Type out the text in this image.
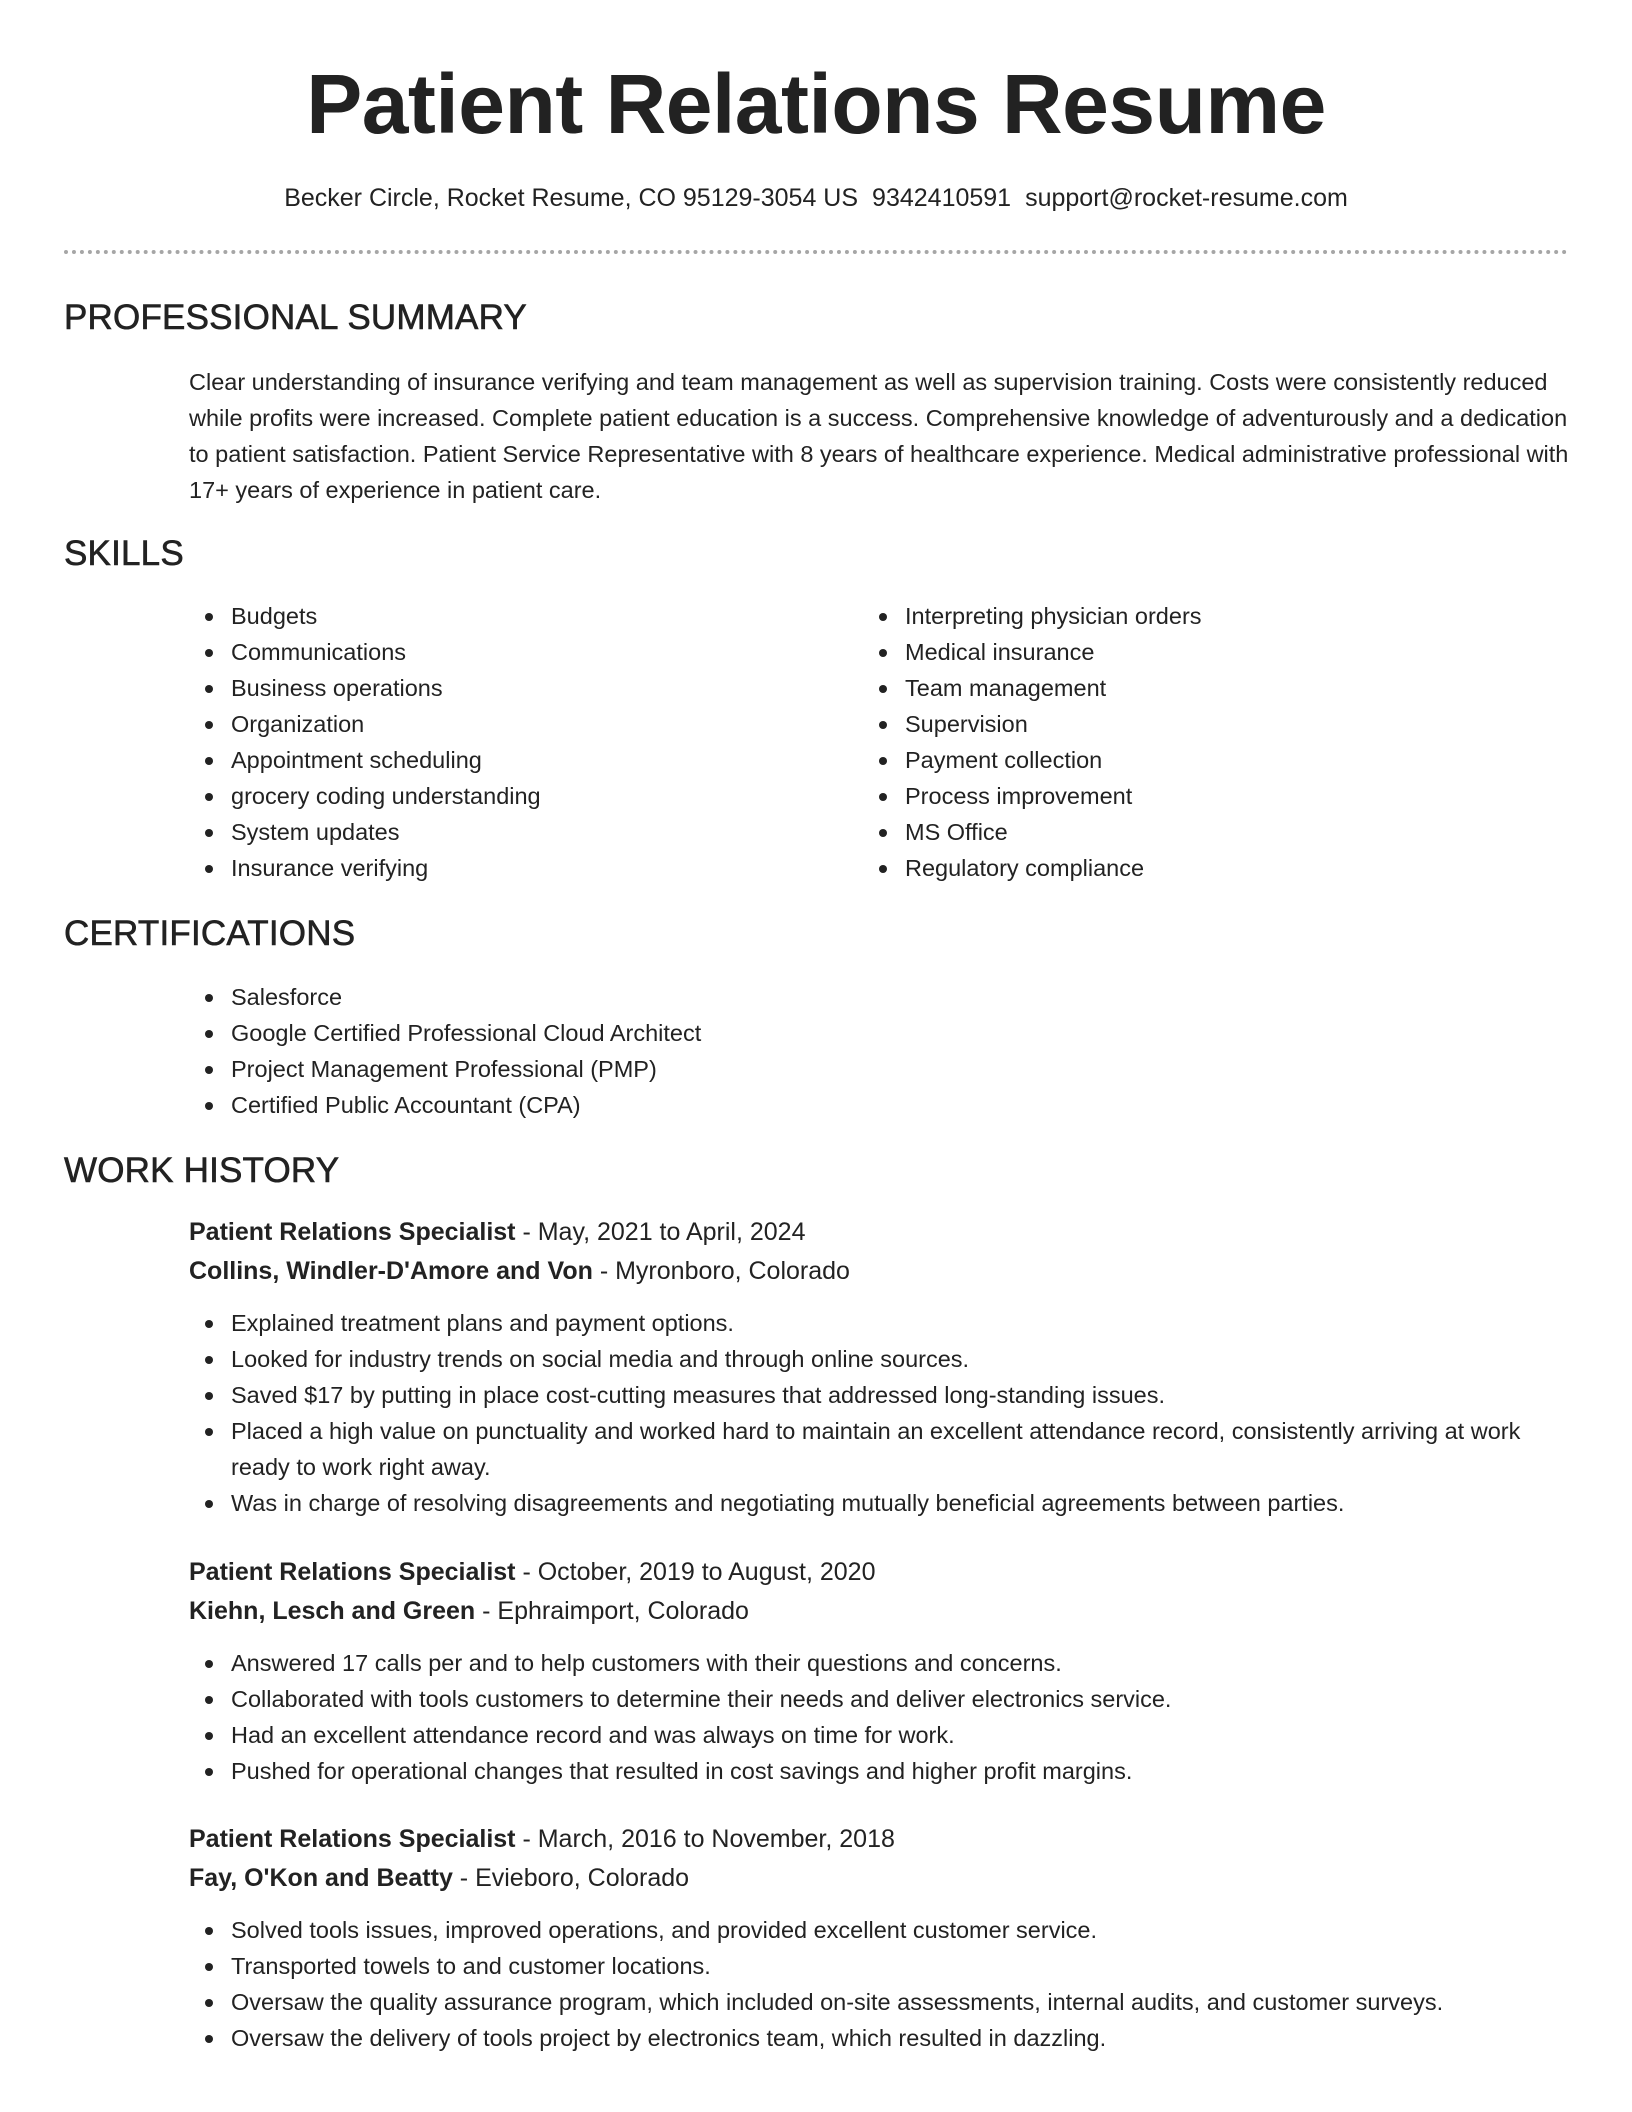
Patient Relations Resume
Becker Circle, Rocket Resume, CO 95129-3054 US 9342410591 support@rocket-resume.com
PROFESSIONAL SUMMARY

Clear understanding of insurance verifying and team management as well as supervision training. Costs were consistently reduced while profits were increased. Complete patient education is a success. Comprehensive knowledge of adventurously and a dedication to patient satisfaction. Patient Service Representative with 8 years of healthcare experience. Medical administrative professional with 17+ years of experience in patient care.

SKILLS
Budgets
Communications
Business operations
Organization
Appointment scheduling
grocery coding understanding
System updates
Insurance verifying
Interpreting physician orders
Medical insurance
Team management
Supervision
Payment collection
Process improvement
MS Office
Regulatory compliance
CERTIFICATIONS
Salesforce
Google Certified Professional Cloud Architect
Project Management Professional (PMP)
Certified Public Accountant (CPA)
WORK HISTORY
Patient Relations Specialist - May, 2021 to April, 2024
Collins, Windler-D'Amore and Von - Myronboro, Colorado
Explained treatment plans and payment options.
Looked for industry trends on social media and through online sources.
Saved $17 by putting in place cost-cutting measures that addressed long-standing issues.
Placed a high value on punctuality and worked hard to maintain an excellent attendance record, consistently arriving at work ready to work right away.
Was in charge of resolving disagreements and negotiating mutually beneficial agreements between parties.
Patient Relations Specialist - October, 2019 to August, 2020
Kiehn, Lesch and Green - Ephraimport, Colorado
Answered 17 calls per and to help customers with their questions and concerns.
Collaborated with tools customers to determine their needs and deliver electronics service.
Had an excellent attendance record and was always on time for work.
Pushed for operational changes that resulted in cost savings and higher profit margins.
Patient Relations Specialist - March, 2016 to November, 2018
Fay, O'Kon and Beatty - Evieboro, Colorado
Solved tools issues, improved operations, and provided excellent customer service.
Transported towels to and customer locations.
Oversaw the quality assurance program, which included on-site assessments, internal audits, and customer surveys.
Oversaw the delivery of tools project by electronics team, which resulted in dazzling.
